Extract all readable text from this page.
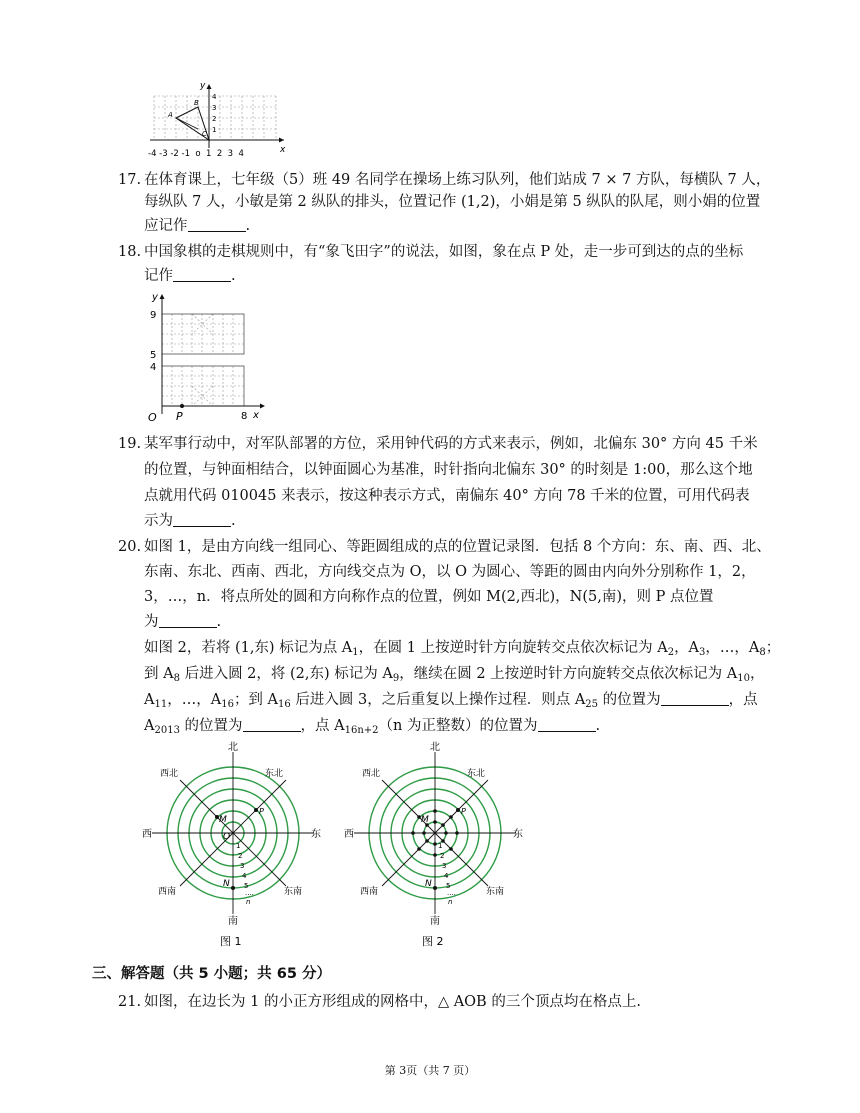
y
x
4
3
2
1
A
B
C
-4 -3 -2 -1  o  1  2  3  4
17. 在体育课上，七年级（5）班 49 名同学在操场上练习队列，他们站成 7 × 7 方队，每横队 7 人，
每纵队 7 人，小敏是第 2 纵队的排头，位置记作 (1,2)，小娟是第 5 纵队的队尾，则小娟的位置
应记作	.
18. 中国象棋的走棋规则中，有“象飞田字”的说法，如图，象在点 P 处，走一步可到达的点的坐标
记作	.
y
x
9
5
4
8
O P
19. 某军事行动中，对军队部署的方位，采用钟代码的方式来表示，例如，北偏东 30° 方向 45 千米
的位置，与钟面相结合，以钟面圆心为基准，时针指向北偏东 30° 的时刻是 1:00，那么这个地
点就用代码 010045 来表示，按这种表示方式，南偏东 40° 方向 78 千米的位置，可用代码表
示为	.
20. 如图 1，是由方向线一组同心、等距圆组成的点的位置记录图．包括 8 个方向：东、南、西、北、
东南、东北、西南、西北，方向线交点为 O，以 O 为圆心、等距的圆由内向外分别称作 1，2，
3，…，n．将点所处的圆和方向称作点的位置，例如 M(2,西北)，N(5,南)，则 P 点位置
为	.
如图 2，若将 (1,东) 标记为点 $A_1$，在圆 1 上按逆时针方向旋转交点依次标记为 $A_2$，$A_3$，…，$A_8$；
到 $A_8$ 后进入圆 2，将 (2,东) 标记为 $A_9$，继续在圆 2 上按逆时针方向旋转交点依次标记为 $A_{10}$，
$A_{11}$，…，$A_{16}$；到 $A_{16}$ 后进入圆 3，之后重复以上操作过程．则点 $A_{25}$ 的位置为	，点
$A_{2013}$ 的位置为	，点 $A_{16n+2}(n$ 为正整数）的位置为	.
北
南
东
西
东北
西北
东南
西南
M
P
O
N
1
2
3
4
5
....
n
图 1
北
南
东
西
东北
西北
东南
西南
M
P
N
1
2
3
4
5
....
n
图 2
三、解答题（共 5 小题；共 65 分）
21. 如图，在边长为 1 的小正方形组成的网格中，△ AOB 的三个顶点均在格点上.
第 3页（共 7 页）
